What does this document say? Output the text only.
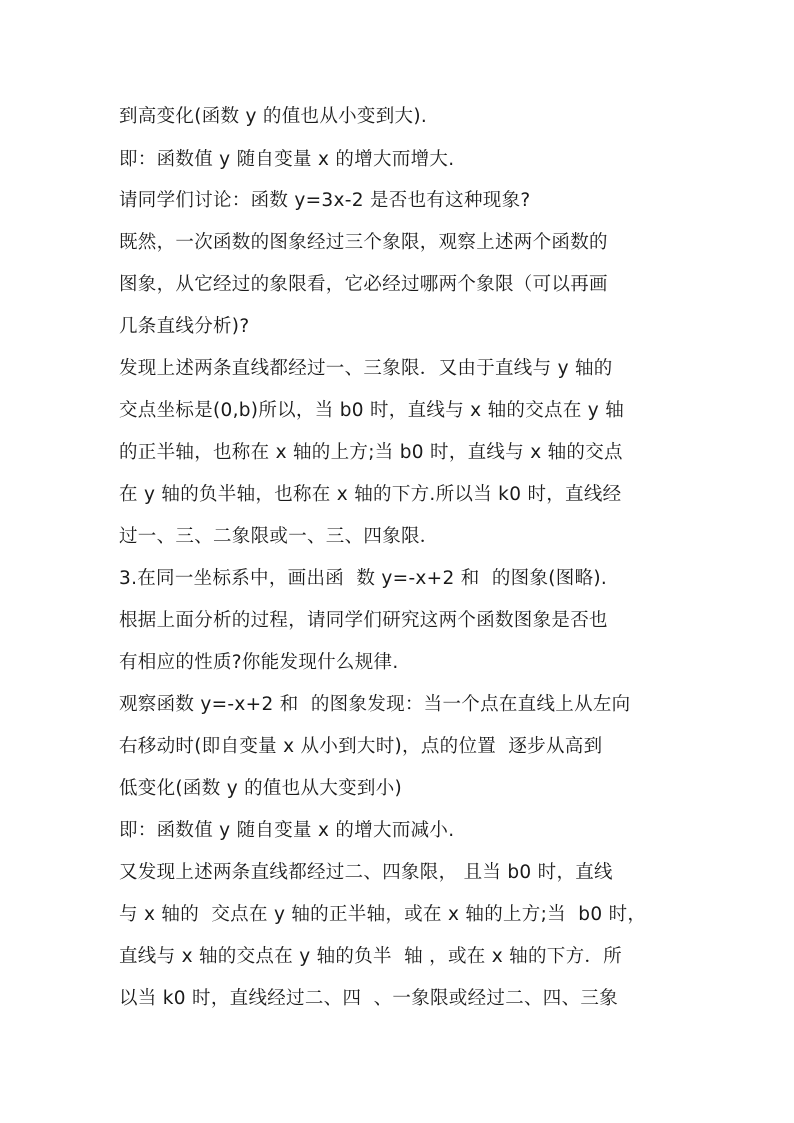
到高变化(函数 y 的值也从小变到大).
即：函数值 y 随自变量 x 的增大而增大.
请同学们讨论：函数 y=3x-2 是否也有这种现象?
既然，一次函数的图象经过三个象限，观察上述两个函数的
图象，从它经过的象限看，它必经过哪两个象限（可以再画
几条直线分析)?
发现上述两条直线都经过一、三象限．又由于直线与 y 轴的
交点坐标是(0,b)所以，当 b0 时，直线与 x 轴的交点在 y 轴
的正半轴，也称在 x 轴的上方;当 b0 时，直线与 x 轴的交点
在 y 轴的负半轴，也称在 x 轴的下方.所以当 k0 时，直线经
过一、三、二象限或一、三、四象限．
3.在同一坐标系中，画出函  数 y=-x+2 和  的图象(图略).
根据上面分析的过程，请同学们研究这两个函数图象是否也
有相应的性质?你能发现什么规律.
观察函数 y=-x+2 和  的图象发现：当一个点在直线上从左向
右移动时(即自变量 x 从小到大时)，点的位置  逐步从高到
低变化(函数 y 的值也从大变到小)
即：函数值 y 随自变量 x 的增大而减小.
又发现上述两条直线都经过二、四象限， 且当 b0 时，直线
与 x 轴的  交点在 y 轴的正半轴，或在 x 轴的上方;当  b0 时，
直线与 x 轴的交点在 y 轴的负半  轴 ，或在 x 轴的下方．所
以当 k0 时，直线经过二、四  、一象限或经过二、四、三象
